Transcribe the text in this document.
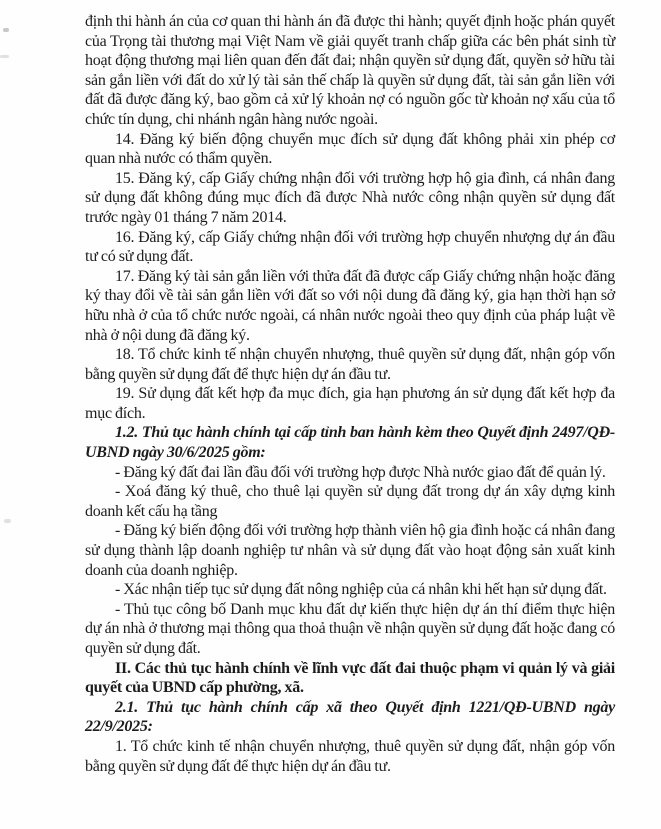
định thi hành án của cơ quan thi hành án đã được thi hành; quyết định hoặc phán quyết của Trọng tài thương mại Việt Nam về giải quyết tranh chấp giữa các bên phát sinh từ hoạt động thương mại liên quan đến đất đai; nhận quyền sử dụng đất, quyền sở hữu tài sản gắn liền với đất do xử lý tài sản thế chấp là quyền sử dụng đất, tài sản gắn liền với đất đã được đăng ký, bao gồm cả xử lý khoản nợ có nguồn gốc từ khoản nợ xấu của tổ chức tín dụng, chi nhánh ngân hàng nước ngoài.

14. Đăng ký biến động chuyển mục đích sử dụng đất không phải xin phép cơ quan nhà nước có thẩm quyền.

15. Đăng ký, cấp Giấy chứng nhận đối với trường hợp hộ gia đình, cá nhân đang sử dụng đất không đúng mục đích đã được Nhà nước công nhận quyền sử dụng đất trước ngày 01 tháng 7 năm 2014.

16. Đăng ký, cấp Giấy chứng nhận đối với trường hợp chuyển nhượng dự án đầu tư có sử dụng đất.

17. Đăng ký tài sản gắn liền với thửa đất đã được cấp Giấy chứng nhận hoặc đăng ký thay đổi về tài sản gắn liền với đất so với nội dung đã đăng ký, gia hạn thời hạn sở hữu nhà ở của tổ chức nước ngoài, cá nhân nước ngoài theo quy định của pháp luật về nhà ở nội dung đã đăng ký.

18. Tổ chức kinh tế nhận chuyển nhượng, thuê quyền sử dụng đất, nhận góp vốn bằng quyền sử dụng đất để thực hiện dự án đầu tư.

19. Sử dụng đất kết hợp đa mục đích, gia hạn phương án sử dụng đất kết hợp đa mục đích.

1.2. Thủ tục hành chính tại cấp tỉnh ban hành kèm theo Quyết định 2497/QĐ-UBND ngày 30/6/2025 gồm:

- Đăng ký đất đai lần đầu đối với trường hợp được Nhà nước giao đất để quản lý.

- Xoá đăng ký thuê, cho thuê lại quyền sử dụng đất trong dự án xây dựng kinh doanh kết cấu hạ tầng

- Đăng ký biến động đối với trường hợp thành viên hộ gia đình hoặc cá nhân đang sử dụng thành lập doanh nghiệp tư nhân và sử dụng đất vào hoạt động sản xuất kinh doanh của doanh nghiệp.

- Xác nhận tiếp tục sử dụng đất nông nghiệp của cá nhân khi hết hạn sử dụng đất.

- Thủ tục công bố Danh mục khu đất dự kiến thực hiện dự án thí điểm thực hiện dự án nhà ở thương mại thông qua thoả thuận về nhận quyền sử dụng đất hoặc đang có quyền sử dụng đất.

II. Các thủ tục hành chính về lĩnh vực đất đai thuộc phạm vi quản lý và giải quyết của UBND cấp phường, xã.

2.1. Thủ tục hành chính cấp xã theo Quyết định 1221/QĐ-UBND ngày 22/9/2025:

1. Tổ chức kinh tế nhận chuyển nhượng, thuê quyền sử dụng đất, nhận góp vốn bằng quyền sử dụng đất để thực hiện dự án đầu tư.
